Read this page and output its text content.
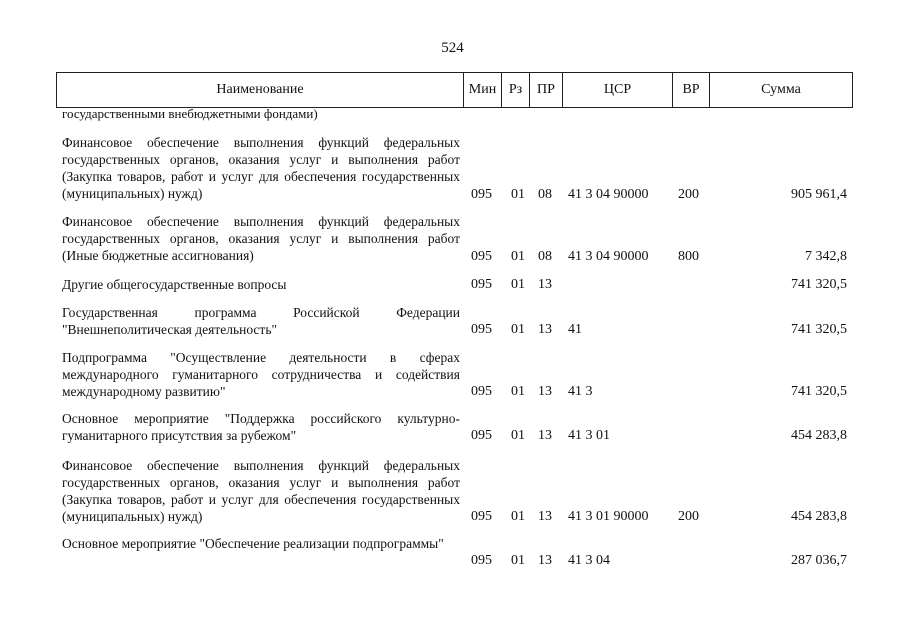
524
Наименование	Мин Рз	ПР	ЦСР	ВР	Сумма
государственными внебюджетными фондами)
Финансовое обеспечение выполнения функций федеральных государственных органов, оказания услуг и выполнения работ (Закупка товаров, работ и услуг для обеспечения государственных (муниципальных) нужд)	095	01 08	41 3 04 90000	200	905 961,4
Финансовое обеспечение выполнения функций федеральных государственных органов, оказания услуг и выполнения работ (Иные бюджетные ассигнования)	095	01 08	41 3 04 90000	800	7 342,8
Другие общегосударственные вопросы	095	01 13	741 320,5
Государственная программа Российской Федерации "Внешнеполитическая деятельность"	095	01 13	41	741 320,5
Подпрограмма "Осуществление деятельности в сферах международного гуманитарного сотрудничества и содействия международному развитию"	095	01 13	41 3	741 320,5
Основное мероприятие "Поддержка российского культурно-гуманитарного присутствия за рубежом"	095	01 13	41 3 01	454 283,8
Финансовое обеспечение выполнения функций федеральных государственных органов, оказания услуг и выполнения работ (Закупка товаров, работ и услуг для обеспечения государственных (муниципальных) нужд)	095	01 13	41 3 01 90000	200	454 283,8
Основное мероприятие "Обеспечение реализации подпрограммы"
095	01 13	41 3 04	287 036,7
